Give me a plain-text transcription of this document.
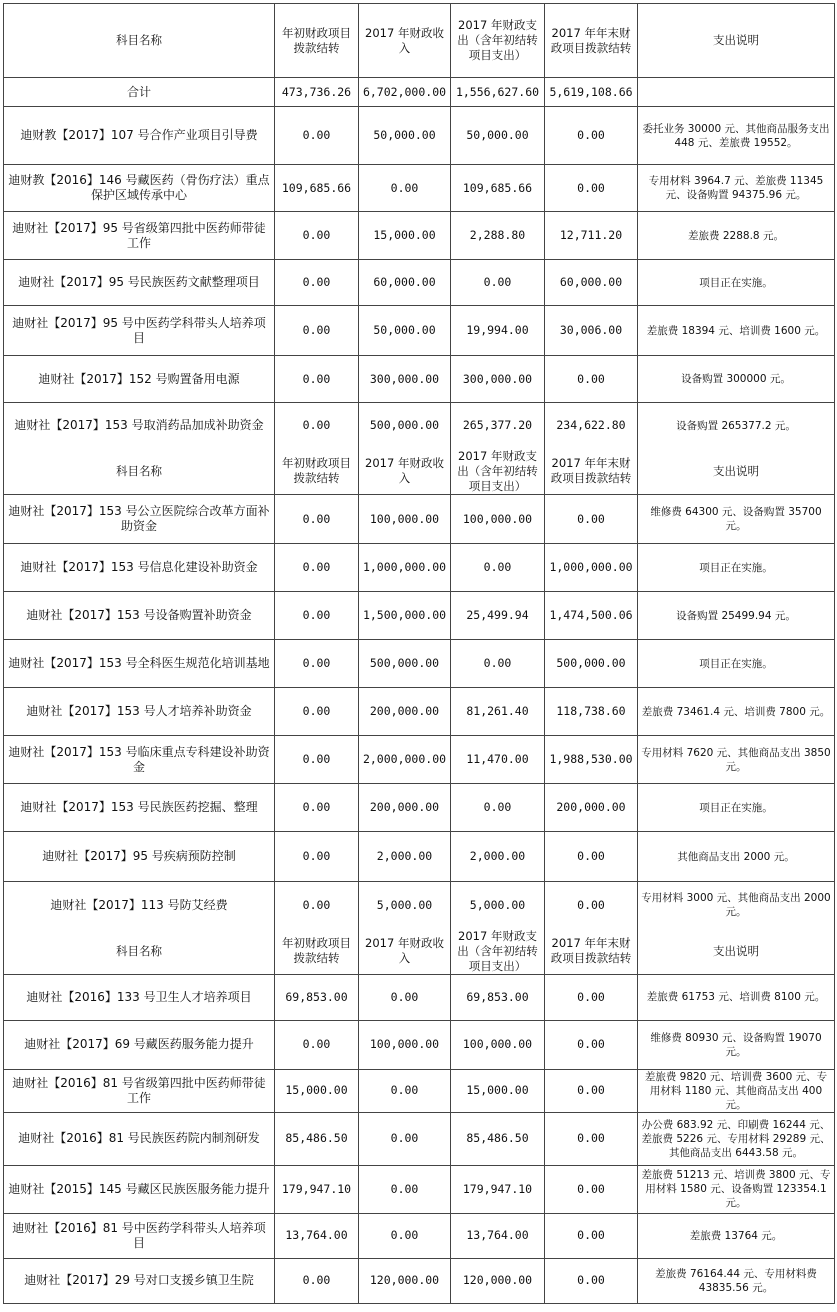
科目名称	年初财政项目拨款结转	2017 年财政收入	2017 年财政支出（含年初结转项目支出）	2017 年年末财政项目拨款结转	支出说明
合计	473,736.26	6,702,000.00	1,556,627.60	5,619,108.66	
迪财教【2017】107 号合作产业项目引导费	0.00	50,000.00	50,000.00	0.00	委托业务 30000 元、其他商品服务支出 448 元、差旅费 19552。
迪财教【2016】146 号藏医药（骨伤疗法）重点保护区域传承中心	109,685.66	0.00	109,685.66	0.00	专用材料 3964.7 元、差旅费 11345 元、设备购置 94375.96 元。
迪财社【2017】95 号省级第四批中医药师带徒工作	0.00	15,000.00	2,288.80	12,711.20	差旅费 2288.8 元。
迪财社【2017】95 号民族医药文献整理项目	0.00	60,000.00	0.00	60,000.00	项目正在实施。
迪财社【2017】95 号中医药学科带头人培养项目	0.00	50,000.00	19,994.00	30,006.00	差旅费 18394 元、培训费 1600 元。
迪财社【2017】152 号购置备用电源	0.00	300,000.00	300,000.00	0.00	设备购置 300000 元。
迪财社【2017】153 号取消药品加成补助资金	0.00	500,000.00	265,377.20	234,622.80	设备购置 265377.2 元。
科目名称	年初财政项目拨款结转	2017 年财政收入	2017 年财政支出（含年初结转项目支出）	2017 年年末财政项目拨款结转	支出说明
迪财社【2017】153 号公立医院综合改革方面补助资金	0.00	100,000.00	100,000.00	0.00	维修费 64300 元、设备购置 35700 元。
迪财社【2017】153 号信息化建设补助资金	0.00	1,000,000.00	0.00	1,000,000.00	项目正在实施。
迪财社【2017】153 号设备购置补助资金	0.00	1,500,000.00	25,499.94	1,474,500.06	设备购置 25499.94 元。
迪财社【2017】153 号全科医生规范化培训基地	0.00	500,000.00	0.00	500,000.00	项目正在实施。
迪财社【2017】153 号人才培养补助资金	0.00	200,000.00	81,261.40	118,738.60	差旅费 73461.4 元、培训费 7800 元。
迪财社【2017】153 号临床重点专科建设补助资金	0.00	2,000,000.00	11,470.00	1,988,530.00	专用材料 7620 元、其他商品支出 3850 元。
迪财社【2017】153 号民族医药挖掘、整理	0.00	200,000.00	0.00	200,000.00	项目正在实施。
迪财社【2017】95 号疾病预防控制	0.00	2,000.00	2,000.00	0.00	其他商品支出 2000 元。
迪财社【2017】113 号防艾经费	0.00	5,000.00	5,000.00	0.00	专用材料 3000 元、其他商品支出 2000 元。
科目名称	年初财政项目拨款结转	2017 年财政收入	2017 年财政支出（含年初结转项目支出）	2017 年年末财政项目拨款结转	支出说明
迪财社【2016】133 号卫生人才培养项目	69,853.00	0.00	69,853.00	0.00	差旅费 61753 元、培训费 8100 元。
迪财社【2017】69 号藏医药服务能力提升	0.00	100,000.00	100,000.00	0.00	维修费 80930 元、设备购置 19070 元。
迪财社【2016】81 号省级第四批中医药师带徒工作	15,000.00	0.00	15,000.00	0.00	差旅费 9820 元、培训费 3600 元、专用材料 1180 元、其他商品支出 400 元。
迪财社【2016】81 号民族医药院内制剂研发	85,486.50	0.00	85,486.50	0.00	办公费 683.92 元、印刷费 16244 元、差旅费 5226 元、专用材料 29289 元、其他商品支出 6443.58 元。
迪财社【2015】145 号藏区民族医服务能力提升	179,947.10	0.00	179,947.10	0.00	差旅费 51213 元、培训费 3800 元、专用材料 1580 元、设备购置 123354.1 元。
迪财社【2016】81 号中医药学科带头人培养项目	13,764.00	0.00	13,764.00	0.00	差旅费 13764 元。
迪财社【2017】29 号对口支援乡镇卫生院	0.00	120,000.00	120,000.00	0.00	差旅费 76164.44 元、专用材料费 43835.56 元。
